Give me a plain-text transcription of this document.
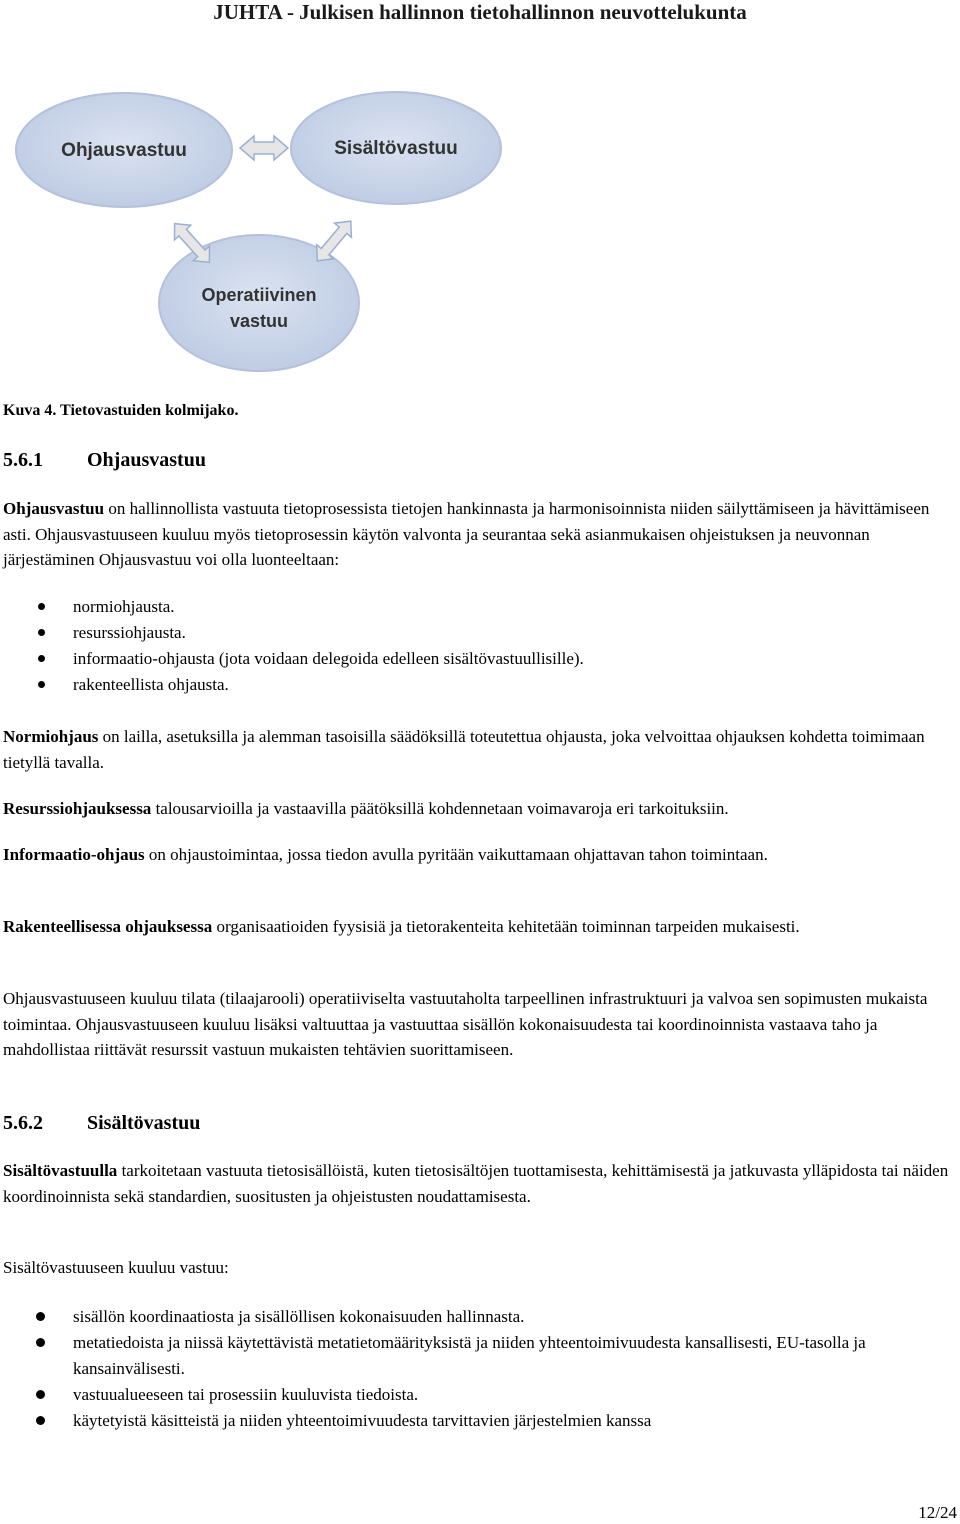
JUHTA - Julkisen hallinnon tietohallinnon neuvottelukunta
Ohjausvastuu	Sisältövastuu
Operatiivinen
vastuu
Kuva 4. Tietovastuiden kolmijako.
5.6.1 Ohjausvastuu

Ohjausvastuu on hallinnollista vastuuta tietoprosessista tietojen hankinnasta ja harmonisoinnista niiden säilyttämiseen ja hävittämiseen asti. Ohjausvastuuseen kuuluu myös tietoprosessin käytön valvonta ja seurantaa sekä asianmukaisen ohjeistuksen ja neuvonnan järjestäminen Ohjausvastuu voi olla luonteeltaan:

normiohjausta.
resurssiohjausta.
informaatio-ohjausta (jota voidaan delegoida edelleen sisältövastuullisille).
rakenteellista ohjausta.

Normiohjaus on lailla, asetuksilla ja alemman tasoisilla säädöksillä toteutettua ohjausta, joka velvoittaa ohjauksen kohdetta toimimaan tietyllä tavalla.

Resurssiohjauksessa talousarvioilla ja vastaavilla päätöksillä kohdennetaan voimavaroja eri tarkoituksiin.

Informaatio-ohjaus on ohjaustoimintaa, jossa tiedon avulla pyritään vaikuttamaan ohjattavan tahon toimintaan.

Rakenteellisessa ohjauksessa organisaatioiden fyysisiä ja tietorakenteita kehitetään toiminnan tarpeiden mukaisesti.

Ohjausvastuuseen kuuluu tilata (tilaajarooli) operatiiviselta vastuutaholta tarpeellinen infrastruktuuri ja valvoa sen sopimusten mukaista toimintaa. Ohjausvastuuseen kuuluu lisäksi valtuuttaa ja vastuuttaa sisällön kokonaisuudesta tai koordinoinnista vastaava taho ja mahdollistaa riittävät resurssit vastuun mukaisten tehtävien suorittamiseen.

5.6.2 Sisältövastuu

Sisältövastuulla tarkoitetaan vastuuta tietosisällöistä, kuten tietosisältöjen tuottamisesta, kehittämisestä ja jatkuvasta ylläpidosta tai näiden koordinoinnista sekä standardien, suositusten ja ohjeistusten noudattamisesta.

Sisältövastuuseen kuuluu vastuu:

sisällön koordinaatiosta ja sisällöllisen kokonaisuuden hallinnasta.
metatiedoista ja niissä käytettävistä metatietomäärityksistä ja niiden yhteentoimivuudesta kansallisesti, EU-tasolla ja kansainvälisesti.
vastuualueeseen tai prosessiin kuuluvista tiedoista.
käytetyistä käsitteistä ja niiden yhteentoimivuudesta tarvittavien järjestelmien kanssa
12/24
